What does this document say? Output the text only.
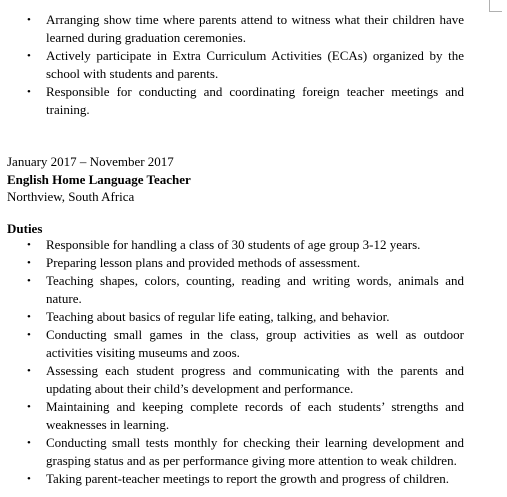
•	Arranging show time where parents attend to witness what their children have learned during graduation ceremonies.
•	Actively participate in Extra Curriculum Activities (ECAs) organized by the school with students and parents.
•	Responsible for conducting and coordinating foreign teacher meetings and training.
January 2017 – November 2017
English Home Language Teacher
Northview, South Africa
Duties
•	Responsible for handling a class of 30 students of age group 3-12 years.
•	Preparing lesson plans and provided methods of assessment.
•	Teaching shapes, colors, counting, reading and writing words, animals and nature.
•	Teaching about basics of regular life eating, talking, and behavior.
•	Conducting small games in the class, group activities as well as outdoor activities visiting museums and zoos.
•	Assessing each student progress and communicating with the parents and updating about their child’s development and performance.
•	Maintaining and keeping complete records of each students’ strengths and weaknesses in learning.
•	Conducting small tests monthly for checking their learning development and grasping status and as per performance giving more attention to weak children.
•	Taking parent-teacher meetings to report the growth and progress of children.
